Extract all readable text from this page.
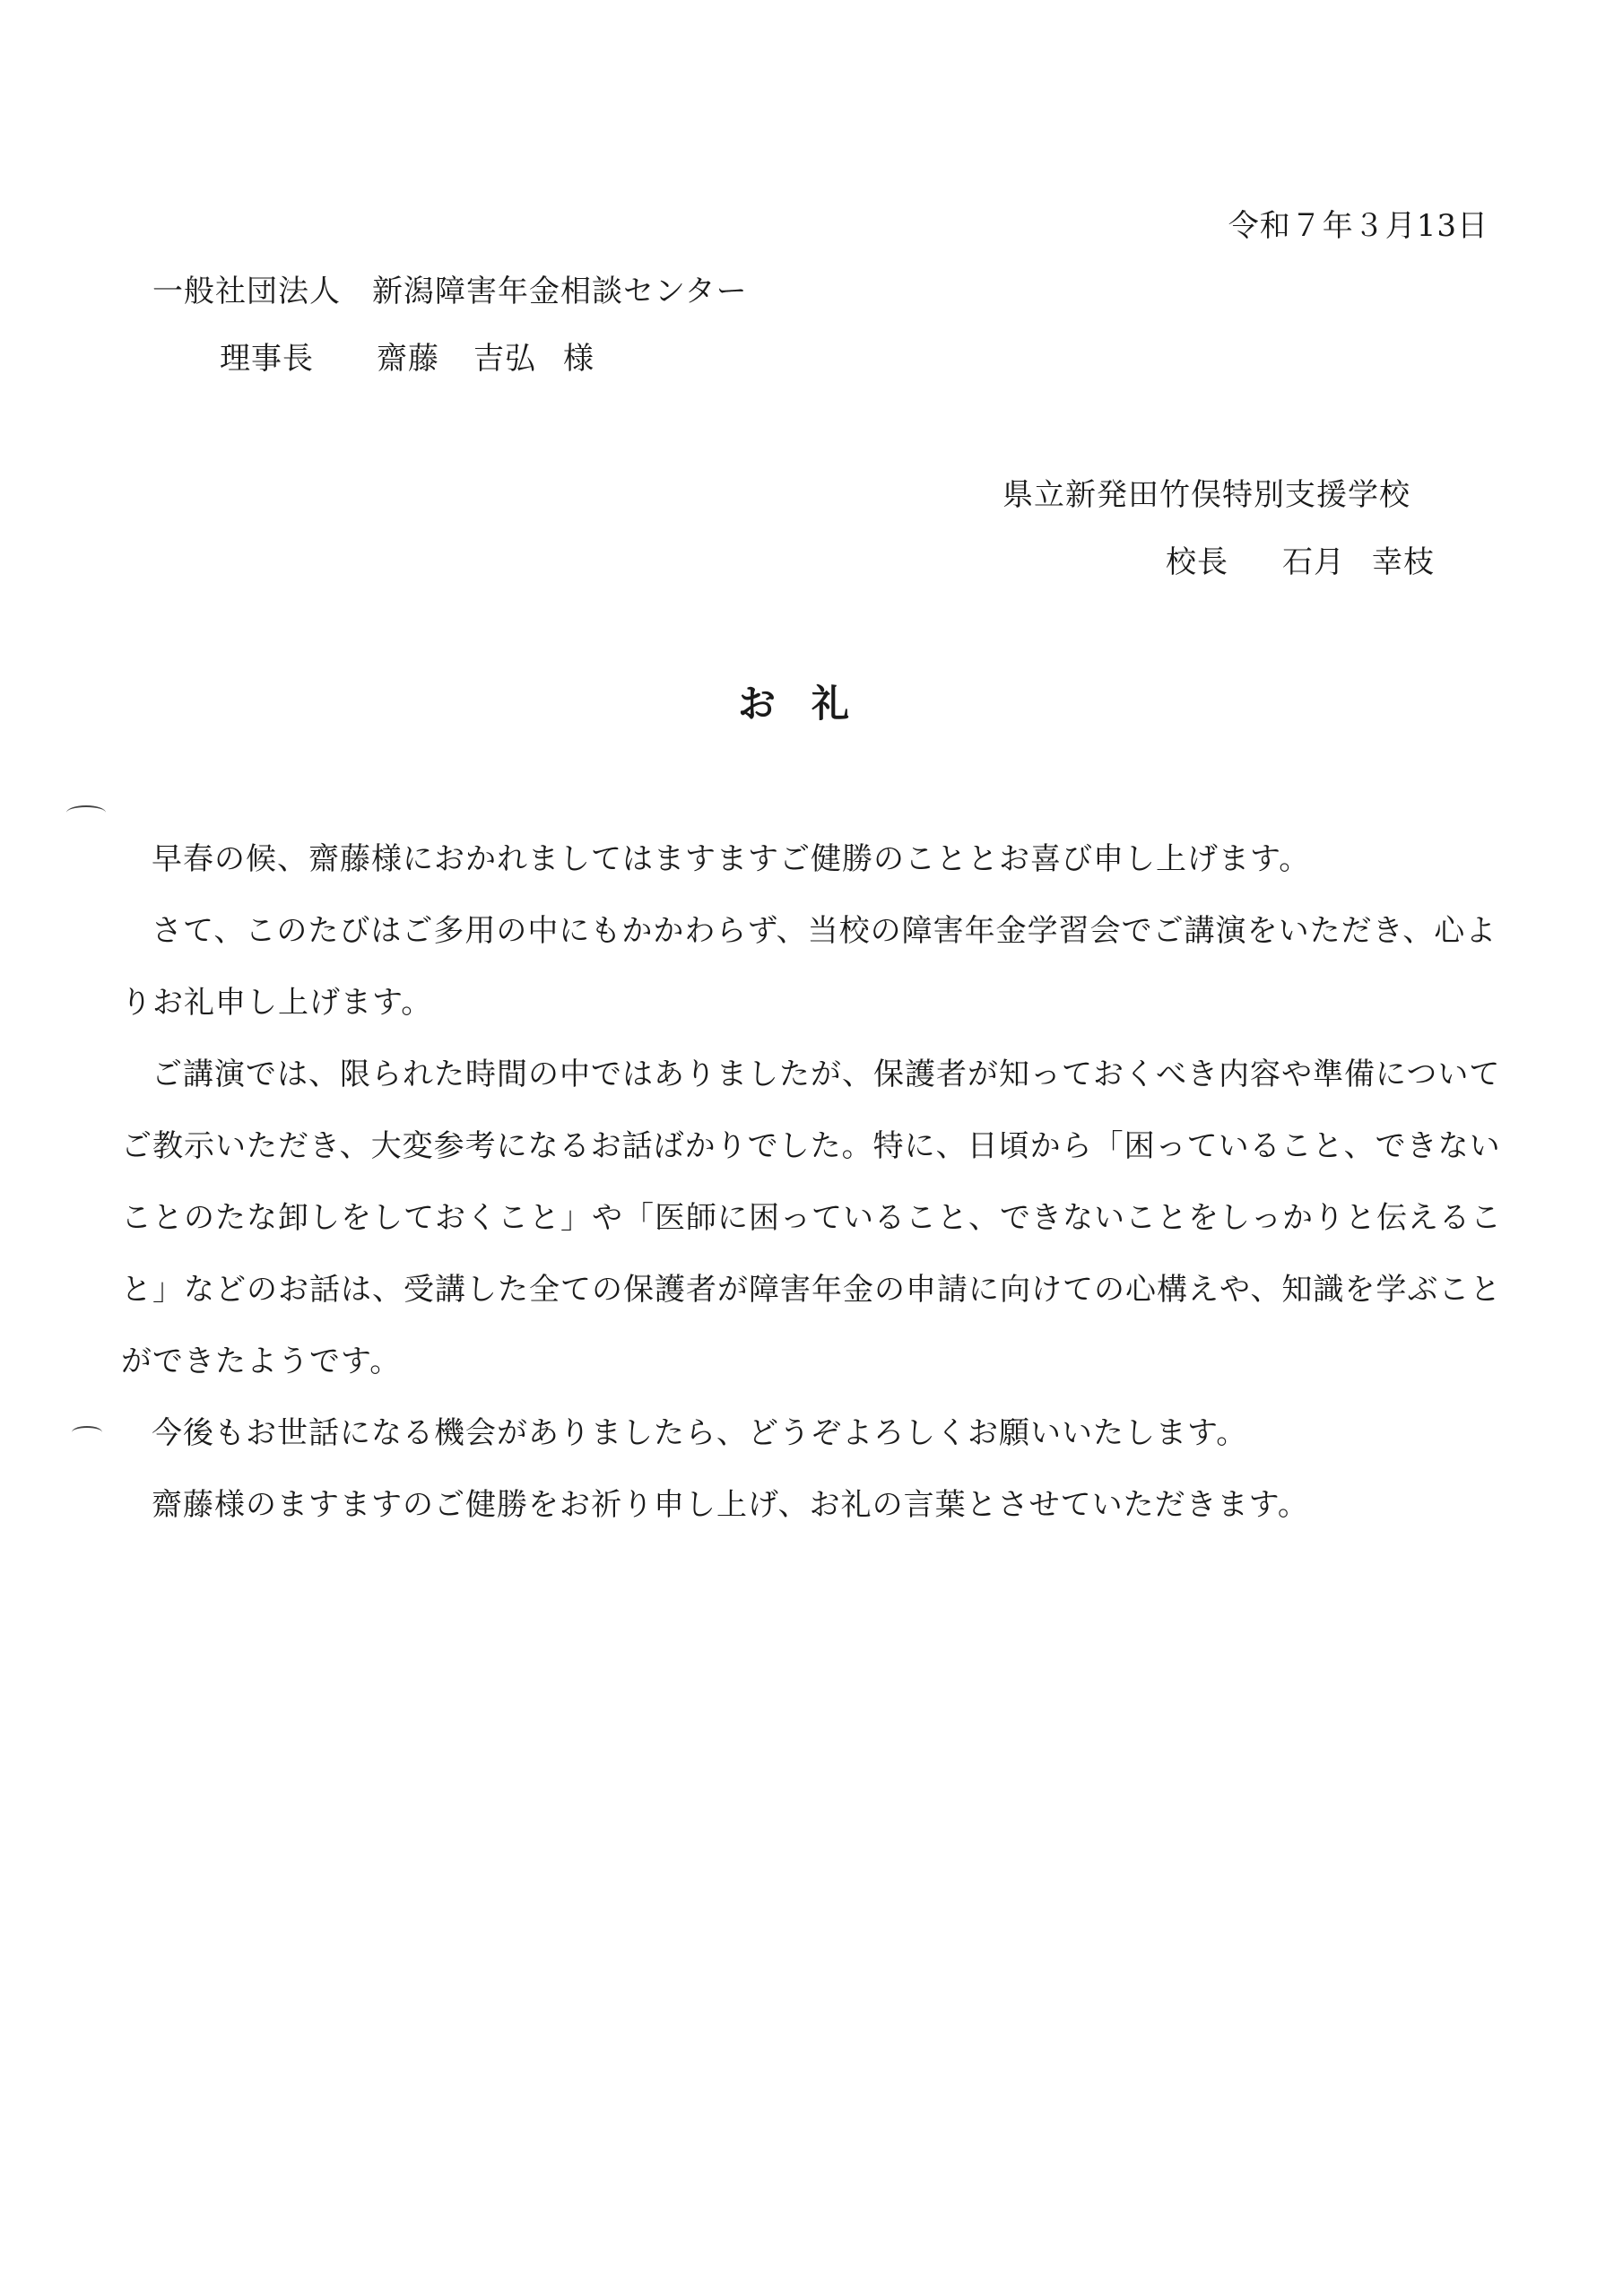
令和７年３月13日
一般社団法人　新潟障害年金相談センター
理事長 齋藤 吉弘 様
県立新発田竹俣特別支援学校
校長 石月 幸枝
お礼

早春の候、齋藤様におかれましてはますますご健勝のこととお喜び申し上げます。

さて、このたびはご多用の中にもかかわらず、当校の障害年金学習会でご講演をいただき、心よりお礼申し上げます。

ご講演では、限られた時間の中ではありましたが、保護者が知っておくべき内容や準備についてご教示いただき、大変参考になるお話ばかりでした。特に、日頃から「困っていること、できないことのたな卸しをしておくこと」や「医師に困っていること、できないことをしっかりと伝えること」などのお話は、受講した全ての保護者が障害年金の申請に向けての心構えや、知識を学ぶことができたようです。

今後もお世話になる機会がありましたら、どうぞよろしくお願いいたします。

齋藤様のますますのご健勝をお祈り申し上げ、お礼の言葉とさせていただきます。
